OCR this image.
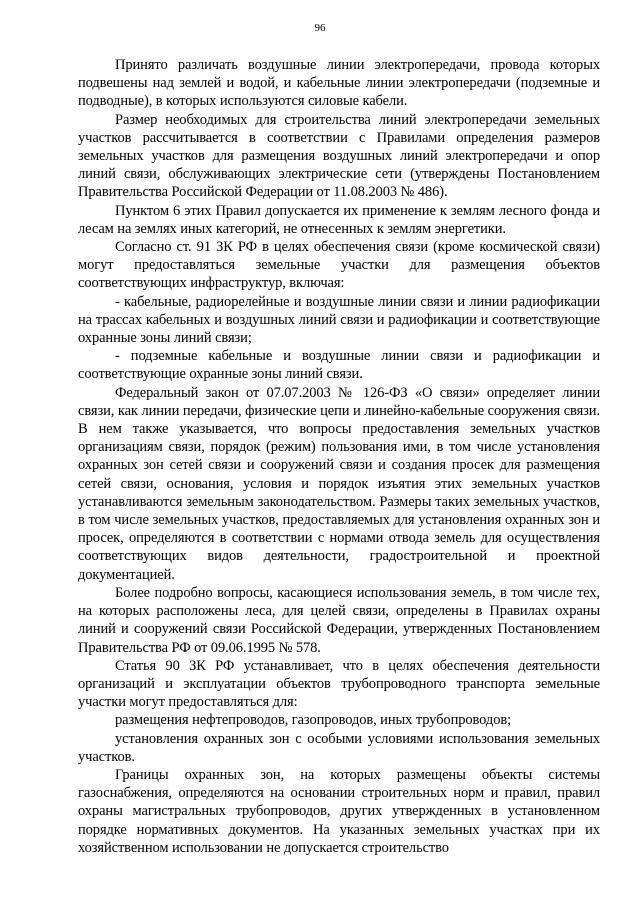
96

Принято различать воздушные линии электропередачи, провода которых подвешены над землей и водой, и кабельные линии электропередачи (подземные и подводные), в которых используются силовые кабели.

Размер необходимых для строительства линий электропередачи земельных участков рассчитывается в соответствии с Правилами определения размеров земельных участков для размещения воздушных линий электропередачи и опор линий связи, обслуживающих электрические сети (утверждены Постановлением Правительства Российской Федерации от 11.08.2003 № 486).

Пунктом 6 этих Правил допускается их применение к землям лесного фонда и лесам на землях иных категорий, не отнесенных к землям энергетики.

Согласно ст. 91 ЗК РФ в целях обеспечения связи (кроме космической связи) могут предоставляться земельные участки для размещения объектов соответствующих инфраструктур, включая:

- кабельные, радиорелейные и воздушные линии связи и линии радиофикации на трассах кабельных и воздушных линий связи и радиофикации и соответствующие охранные зоны линий связи;

- подземные кабельные и воздушные линии связи и радиофикации и соответствующие охранные зоны линий связи.

Федеральный закон от 07.07.2003 № 126-ФЗ «О связи» определяет линии связи, как линии передачи, физические цепи и линейно-кабельные сооружения связи. В нем также указывается, что вопросы предоставления земельных участков организациям связи, порядок (режим) пользования ими, в том числе установления охранных зон сетей связи и сооружений связи и создания просек для размещения сетей связи, основания, условия и порядок изъятия этих земельных участков устанавливаются земельным законодательством. Размеры таких земельных участков, в том числе земельных участков, предоставляемых для установления охранных зон и просек, определяются в соответствии с нормами отвода земель для осуществления соответствующих видов деятельности, градостроительной и проектной документацией.

Более подробно вопросы, касающиеся использования земель, в том числе тех, на которых расположены леса, для целей связи, определены в Правилах охраны линий и сооружений связи Российской Федерации, утвержденных Постановлением Правительства РФ от 09.06.1995 № 578.

Статья 90 ЗК РФ устанавливает, что в целях обеспечения деятельности организаций и эксплуатации объектов трубопроводного транспорта земельные участки могут предоставляться для:

размещения нефтепроводов, газопроводов, иных трубопроводов;

установления охранных зон с особыми условиями использования земельных участков.

Границы охранных зон, на которых размещены объекты системы газоснабжения, определяются на основании строительных норм и правил, правил охраны магистральных трубопроводов, других утвержденных в установленном порядке нормативных документов. На указанных земельных участках при их хозяйственном использовании не допускается строительство
